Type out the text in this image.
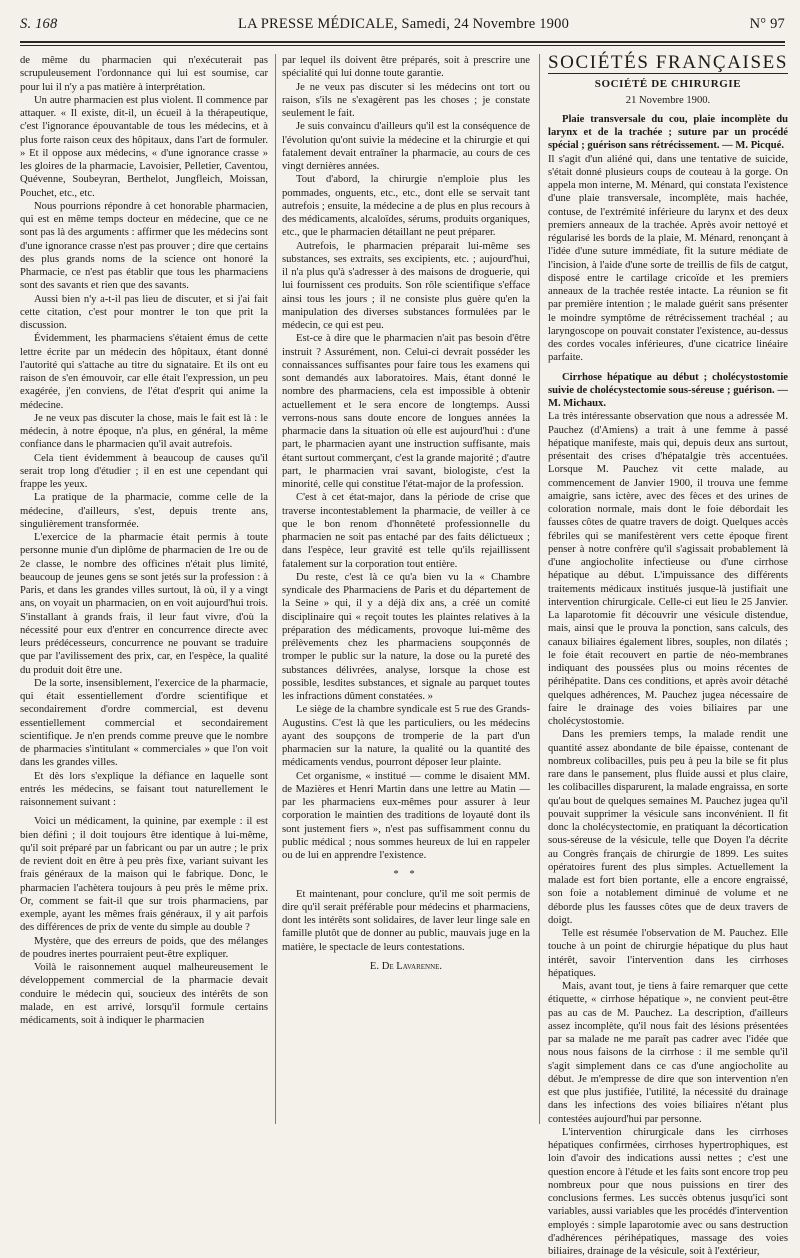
S. 168	LA PRESSE MÉDICALE, Samedi, 24 Novembre 1900	N° 97

de même du pharmacien qui n'exécuterait pas scrupuleusement l'ordonnance qui lui est soumise, car pour lui il n'y a pas matière à interprétation.

Un autre pharmacien est plus violent. Il commence par attaquer. « Il existe, dit-il, un écueil à la thérapeutique, c'est l'ignorance épouvantable de tous les médecins, et à plus forte raison ceux des hôpitaux, dans l'art de formuler. » Et il oppose aux médecins, « d'une ignorance crasse » les gloires de la pharmacie, Lavoisier, Pelletier, Caventou, Quévenne, Soubeyran, Berthelot, Jungfleich, Moissan, Pouchet, etc., etc.

Nous pourrions répondre à cet honorable pharmacien, qui est en même temps docteur en médecine, que ce ne sont pas là des arguments : affirmer que les médecins sont d'une ignorance crasse n'est pas prouver ; dire que certains des plus grands noms de la science ont honoré la Pharmacie, ce n'est pas établir que tous les pharmaciens sont des savants et rien que des savants.

Aussi bien n'y a-t-il pas lieu de discuter, et si j'ai fait cette citation, c'est pour montrer le ton que prit la discussion.

Évidemment, les pharmaciens s'étaient émus de cette lettre écrite par un médecin des hôpitaux, étant donné l'autorité qui s'attache au titre du signataire. Et ils ont eu raison de s'en émouvoir, car elle était l'expression, un peu exagérée, j'en conviens, de l'état d'esprit qui anime la médecine.

Je ne veux pas discuter la chose, mais le fait est là : le médecin, à notre époque, n'a plus, en général, la même confiance dans le pharmacien qu'il avait autrefois.

Cela tient évidemment à beaucoup de causes qu'il serait trop long d'étudier ; il en est une cependant qui frappe les yeux.

La pratique de la pharmacie, comme celle de la médecine, d'ailleurs, s'est, depuis trente ans, singulièrement transformée.

L'exercice de la pharmacie était permis à toute personne munie d'un diplôme de pharmacien de 1re ou de 2e classe, le nombre des officines n'était plus limité, beaucoup de jeunes gens se sont jetés sur la profession : à Paris, et dans les grandes villes surtout, là où, il y a vingt ans, on voyait un pharmacien, on en voit aujourd'hui trois. S'installant à grands frais, il leur faut vivre, d'où la nécessité pour eux d'entrer en concurrence directe avec leurs prédécesseurs, concurrence ne pouvant se traduire que par l'avilissement des prix, car, en l'espèce, la qualité du produit doit être une.

De la sorte, insensiblement, l'exercice de la pharmacie, qui était essentiellement d'ordre scientifique et secondairement d'ordre commercial, est devenu essentiellement commercial et secondairement scientifique. Je n'en prends comme preuve que le nombre de pharmacies s'intitulant « commerciales » que l'on voit dans les grandes villes.

Et dès lors s'explique la défiance en laquelle sont entrés les médecins, se faisant tout naturellement le raisonnement suivant :

Voici un médicament, la quinine, par exemple : il est bien défini ; il doit toujours être identique à lui-même, qu'il soit préparé par un fabricant ou par un autre ; le prix de revient doit en être à peu près fixe, variant suivant les frais généraux de la maison qui le fabrique. Donc, le pharmacien l'achètera toujours à peu près le même prix. Or, comment se fait-il que sur trois pharmaciens, par exemple, ayant les mêmes frais généraux, il y ait parfois des différences de prix de vente du simple au double ?

Mystère, que des erreurs de poids, que des mélanges de poudres inertes pourraient peut-être expliquer.

Voilà le raisonnement auquel malheureusement le développement commercial de la pharmacie devait conduire le médecin qui, soucieux des intérêts de son malade, en est arrivé, lorsqu'il formule certains médicaments, soit à indiquer le pharmacien

par lequel ils doivent être préparés, soit à prescrire une spécialité qui lui donne toute garantie.

Je ne veux pas discuter si les médecins ont tort ou raison, s'ils ne s'exagèrent pas les choses ; je constate seulement le fait.

Je suis convaincu d'ailleurs qu'il est la conséquence de l'évolution qu'ont suivie la médecine et la chirurgie et qui fatalement devait entraîner la pharmacie, au cours de ces vingt dernières années.

Tout d'abord, la chirurgie n'emploie plus les pommades, onguents, etc., etc., dont elle se servait tant autrefois ; ensuite, la médecine a de plus en plus recours à des médicaments, alcaloïdes, sérums, produits organiques, etc., que le pharmacien détaillant ne peut préparer.

Autrefois, le pharmacien préparait lui-même ses substances, ses extraits, ses excipients, etc. ; aujourd'hui, il n'a plus qu'à s'adresser à des maisons de droguerie, qui lui fournissent ces produits. Son rôle scientifique s'efface ainsi tous les jours ; il ne consiste plus guère qu'en la manipulation des diverses substances formulées par le médecin, ce qui est peu.

Est-ce à dire que le pharmacien n'ait pas besoin d'être instruit ? Assurément, non. Celui-ci devrait posséder les connaissances suffisantes pour faire tous les examens qui sont demandés aux laboratoires. Mais, étant donné le nombre des pharmaciens, cela est impossible à obtenir actuellement et le sera encore de longtemps. Aussi verrons-nous sans doute encore de longues années la pharmacie dans la situation où elle est aujourd'hui : d'une part, le pharmacien ayant une instruction suffisante, mais étant surtout commerçant, c'est la grande majorité ; d'autre part, le pharmacien vrai savant, biologiste, c'est la minorité, celle qui constitue l'état-major de la profession.

C'est à cet état-major, dans la période de crise que traverse incontestablement la pharmacie, de veiller à ce que le bon renom d'honnêteté professionnelle du pharmacien ne soit pas entaché par des faits délictueux ; dans l'espèce, leur gravité est telle qu'ils rejaillissent fatalement sur la corporation tout entière.

Du reste, c'est là ce qu'a bien vu la « Chambre syndicale des Pharmaciens de Paris et du département de la Seine » qui, il y a déjà dix ans, a créé un comité disciplinaire qui « reçoit toutes les plaintes relatives à la préparation des médicaments, provoque lui-même des prélèvements chez les pharmaciens soupçonnés de tromper le public sur la nature, la dose ou la pureté des substances délivrées, analyse, lorsque la chose est possible, lesdites substances, et signale au parquet toutes les infractions dûment constatées. »

Le siège de la chambre syndicale est 5 rue des Grands-Augustins. C'est là que les particuliers, ou les médecins ayant des soupçons de tromperie de la part d'un pharmacien sur la nature, la qualité ou la quantité des médicaments vendus, pourront déposer leur plainte.

Cet organisme, « institué — comme le disaient MM. de Mazières et Henri Martin dans une lettre au Matin — par les pharmaciens eux-mêmes pour assurer à leur corporation le maintien des traditions de loyauté dont ils sont justement fiers », n'est pas suffisamment connu du public médical ; nous sommes heureux de lui en rappeler ou de lui en apprendre l'existence.

* *

Et maintenant, pour conclure, qu'il me soit permis de dire qu'il serait préférable pour médecins et pharmaciens, dont les intérêts sont solidaires, de laver leur linge sale en famille plutôt que de donner au public, mauvais juge en la matière, le spectacle de leurs contestations.

E. De Lavarenne.
SOCIÉTÉS FRANÇAISES
SOCIÉTÉ DE CHIRURGIE
21 Novembre 1900.

Plaie transversale du cou, plaie incomplète du larynx et de la trachée ; suture par un procédé spécial ; guérison sans rétrécissement. — M. Picqué.

Il s'agit d'un aliéné qui, dans une tentative de suicide, s'était donné plusieurs coups de couteau à la gorge. On appela mon interne, M. Ménard, qui constata l'existence d'une plaie transversale, incomplète, mais hachée, contuse, de l'extrémité inférieure du larynx et des deux premiers anneaux de la trachée. Après avoir nettoyé et régularisé les bords de la plaie, M. Ménard, renonçant à l'idée d'une suture immédiate, fit la suture médiate de l'incision, à l'aide d'une sorte de treillis de fils de catgut, disposé entre le cartilage cricoïde et les premiers anneaux de la trachée restée intacte. La réunion se fit par première intention ; le malade guérit sans présenter le moindre symptôme de rétrécissement trachéal ; au laryngoscope on pouvait constater l'existence, au-dessus des cordes vocales inférieures, d'une cicatrice linéaire parfaite.

Cirrhose hépatique au début ; cholécystostomie suivie de cholécystectomie sous-séreuse ; guérison. — M. Michaux.

La très intéressante observation que nous a adressée M. Pauchez (d'Amiens) a trait à une femme à passé hépatique manifeste, mais qui, depuis deux ans surtout, présentait des crises d'hépatalgie très accentuées. Lorsque M. Pauchez vit cette malade, au commencement de Janvier 1900, il trouva une femme amaigrie, sans ictère, avec des fèces et des urines de coloration normale, mais dont le foie débordait les fausses côtes de quatre travers de doigt. Quelques accès fébriles qui se manifestèrent vers cette époque firent penser à notre confrère qu'il s'agissait probablement là d'une angiocholite infectieuse ou d'une cirrhose hépatique au début. L'impuissance des différents traitements médicaux institués jusque-là justifiait une intervention chirurgicale. Celle-ci eut lieu le 25 Janvier. La laparotomie fit découvrir une vésicule distendue, mais, ainsi que le prouva la ponction, sans calculs, des canaux biliaires également libres, souples, non dilatés ; le foie était recouvert en partie de néo-membranes indiquant des poussées plus ou moins récentes de périhépatite. Dans ces conditions, et après avoir détaché quelques adhérences, M. Pauchez jugea nécessaire de faire le drainage des voies biliaires par une cholécystostomie.

Dans les premiers temps, la malade rendit une quantité assez abondante de bile épaisse, contenant de nombreux colibacilles, puis peu à peu la bile se fit plus rare dans le pansement, plus fluide aussi et plus claire, les colibacilles disparurent, la malade engraissa, en sorte qu'au bout de quelques semaines M. Pauchez jugea qu'il pouvait supprimer la vésicule sans inconvénient. Il fit donc la cholécystectomie, en pratiquant la décortication sous-séreuse de la vésicule, telle que Doyen l'a décrite au Congrès français de chirurgie de 1899. Les suites opératoires furent des plus simples. Actuellement la malade est fort bien portante, elle a encore engraissé, son foie a notablement diminué de volume et ne déborde plus les fausses côtes que de deux travers de doigt.

Telle est résumée l'observation de M. Pauchez. Elle touche à un point de chirurgie hépatique du plus haut intérêt, savoir l'intervention dans les cirrhoses hépatiques.

Mais, avant tout, je tiens à faire remarquer que cette étiquette, « cirrhose hépatique », ne convient peut-être pas au cas de M. Pauchez. La description, d'ailleurs assez incomplète, qu'il nous fait des lésions présentées par sa malade ne me paraît pas cadrer avec l'idée que nous nous faisons de la cirrhose : il me semble qu'il s'agit simplement dans ce cas d'une angiocholite au début. Je m'empresse de dire que son intervention n'en est que plus justifiée, l'utilité, la nécessité du drainage dans les infections des voies biliaires n'étant plus contestées aujourd'hui par personne.

L'intervention chirurgicale dans les cirrhoses hépatiques confirmées, cirrhoses hypertrophiques, est loin d'avoir des indications aussi nettes ; c'est une question encore à l'étude et les faits sont encore trop peu nombreux pour que nous puissions en tirer des conclusions fermes. Les succès obtenus jusqu'ici sont variables, aussi variables que les procédés d'intervention employés : simple laparotomie avec ou sans destruction d'adhérences périhépatiques, massage des voies biliaires, drainage de la vésicule, soit à l'extérieur,
